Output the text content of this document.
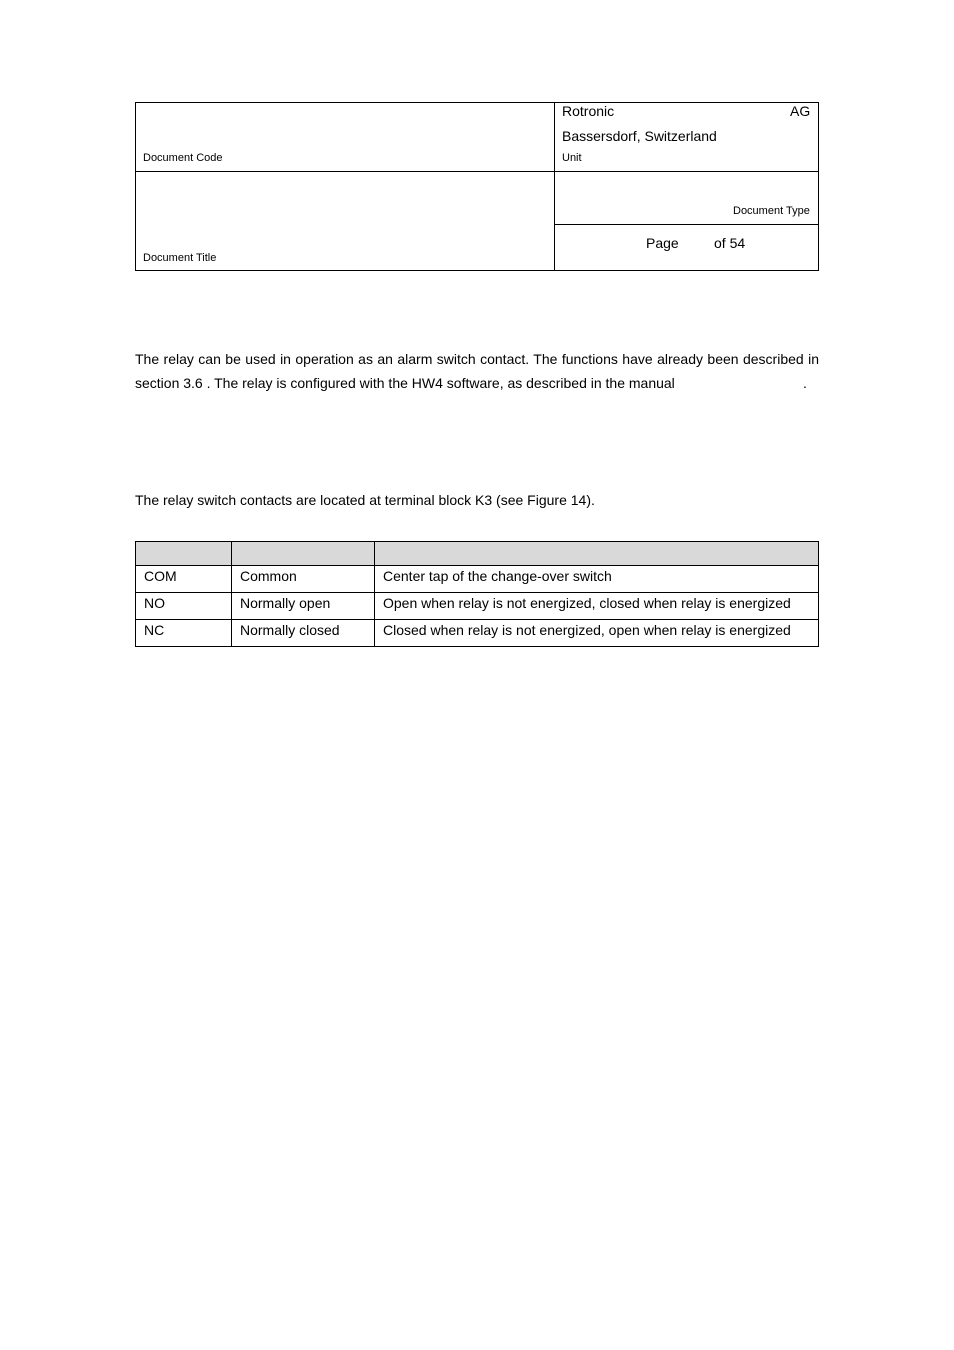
Rotronic	AG
Bassersdorf, Switzerland
Document Code	Unit
Document Type
Document Title
Page	of 54
The relay can be used in operation as an alarm switch contact. The functions have already been described in
section 3.6 . The relay is configured with the HW4 software, as described in the manual	.
The relay switch contacts are located at terminal block K3 (see Figure 14).

COM	Common	Center tap of the change-over switch
NO	Normally open	Open when relay is not energized, closed when relay is energized
NC	Normally closed	Closed when relay is not energized, open when relay is energized
